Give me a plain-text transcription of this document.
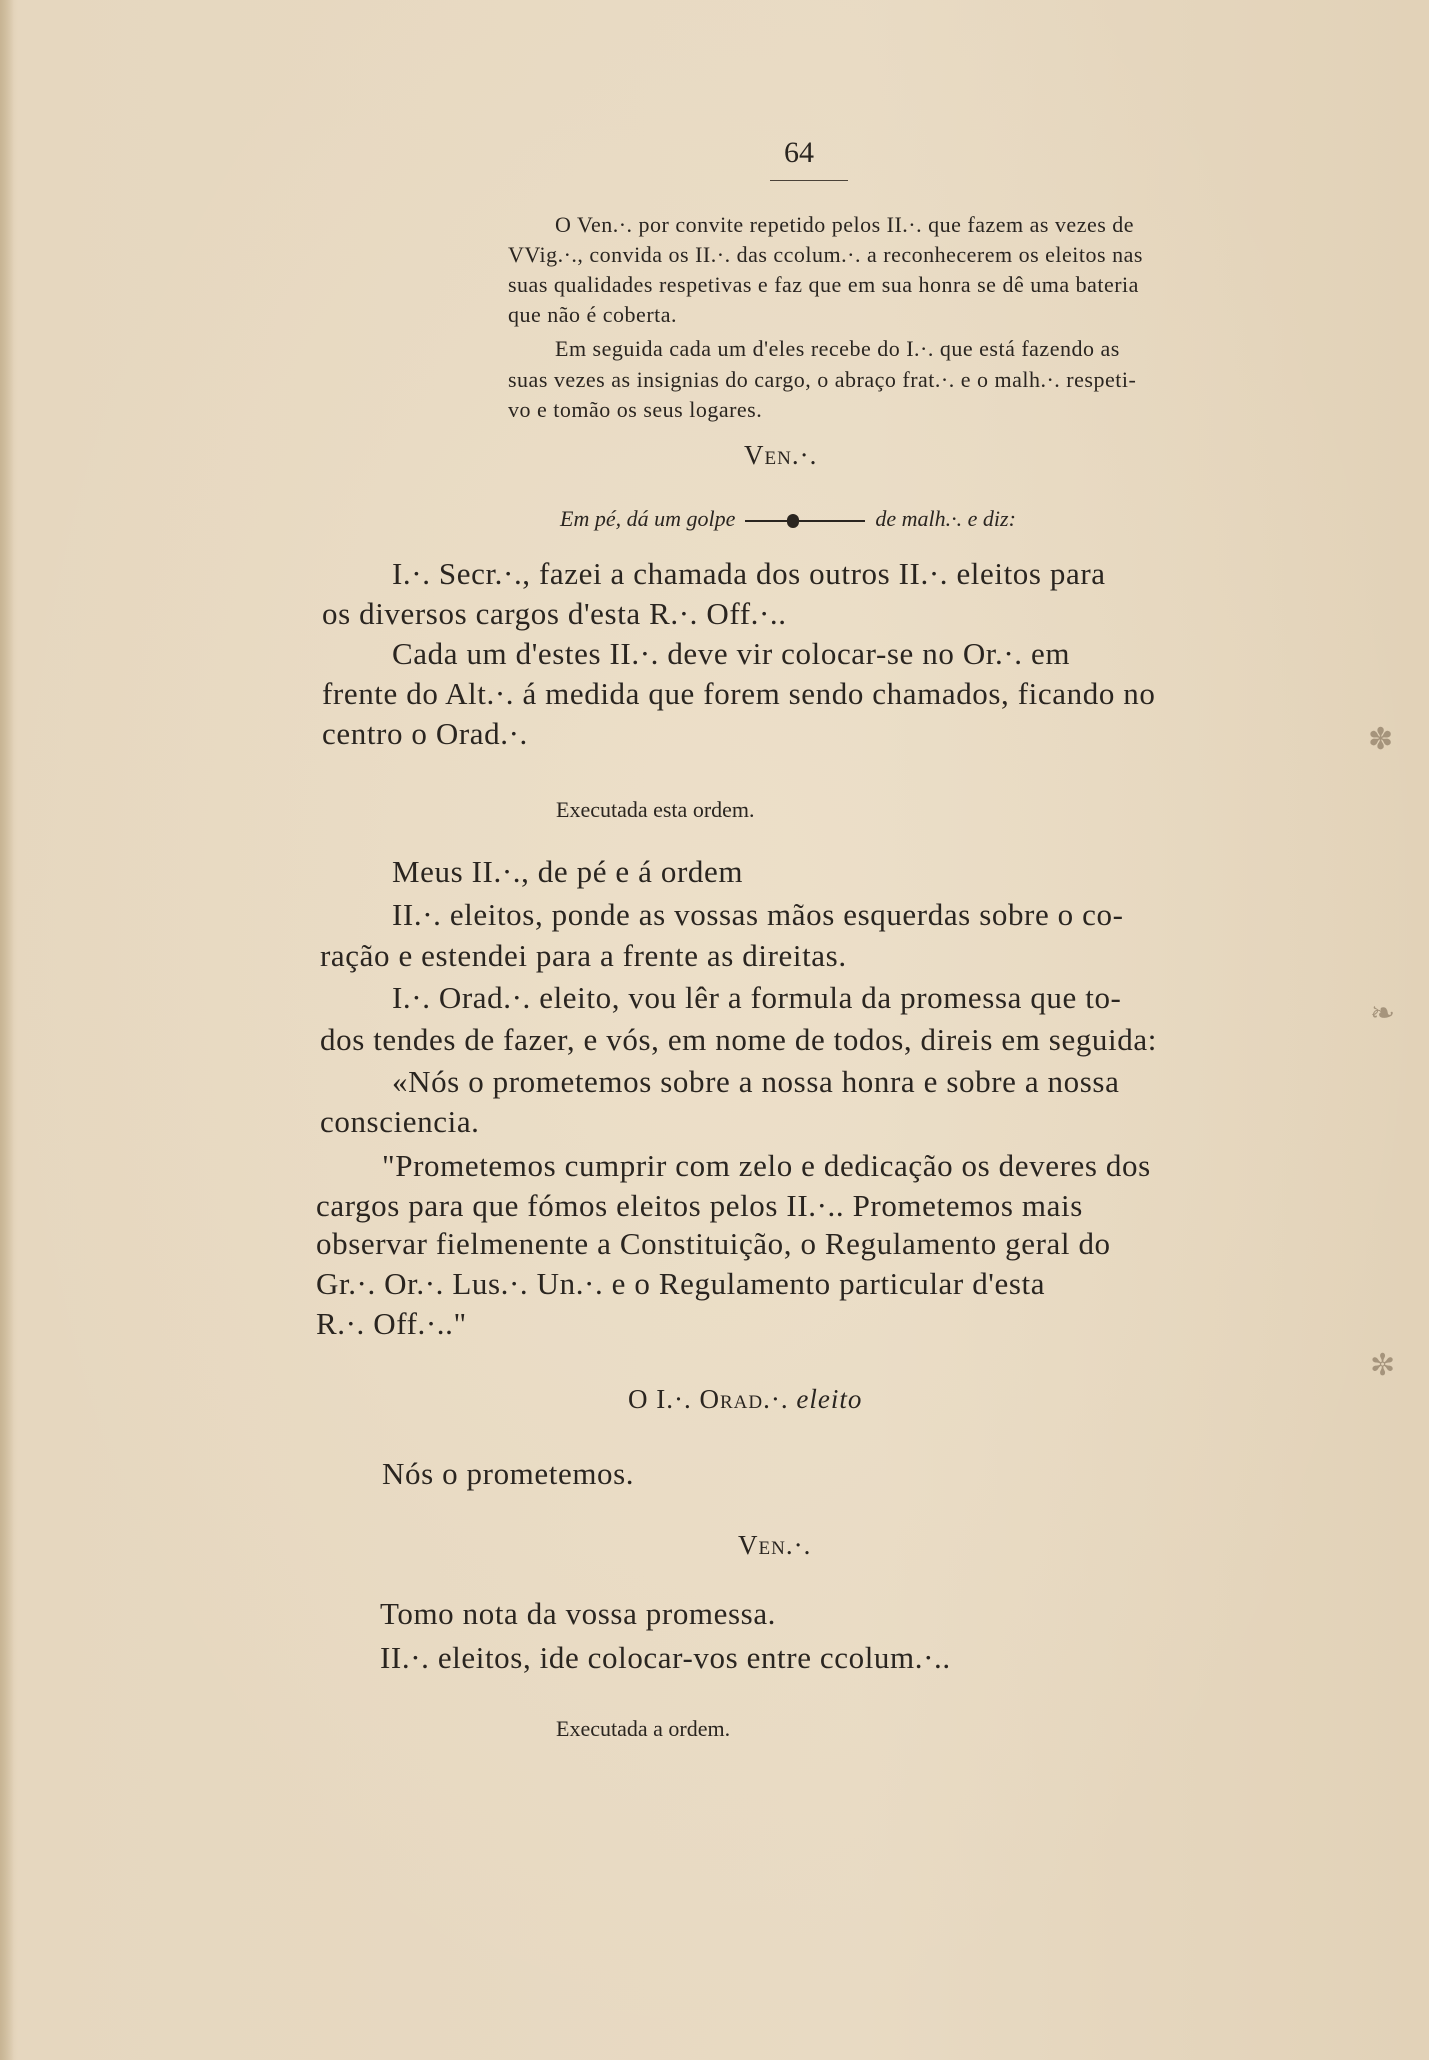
64
O Ven.·. por convite repetido pelos II.·. que fazem as vezes de
VVig.·., convida os II.·. das ccolum.·. a reconhecerem os eleitos nas
suas qualidades respetivas e faz que em sua honra se dê uma bateria
que não é coberta.
Em seguida cada um d'eles recebe do I.·. que está fazendo as
suas vezes as insignias do cargo, o abraço frat.·. e o malh.·. respeti-
vo e tomão os seus logares.
Ven.·.
Em pé, dá um golpe	de malh.·. e diz:
I.·. Secr.·., fazei a chamada dos outros II.·. eleitos para
os diversos cargos d'esta R.·. Off.·..
Cada um d'estes II.·. deve vir colocar-se no Or.·. em
frente do Alt.·. á medida que forem sendo chamados, ficando no
centro o Orad.·.
Executada esta ordem.
Meus II.·., de pé e á ordem
II.·. eleitos, ponde as vossas mãos esquerdas sobre o co-
ração e estendei para a frente as direitas.
I.·. Orad.·. eleito, vou lêr a formula da promessa que to-
dos tendes de fazer, e vós, em nome de todos, direis em seguida:
«Nós o prometemos sobre a nossa honra e sobre a nossa
consciencia.
"Prometemos cumprir com zelo e dedicação os deveres dos
cargos para que fómos eleitos pelos II.·.. Prometemos mais
observar fielmenente a Constituição, o Regulamento geral do
Gr.·. Or.·. Lus.·. Un.·. e o Regulamento particular d'esta
R.·. Off.·.."
O I.·. Orad.·. eleito
Nós o prometemos.
Ven.·.
Tomo nota da vossa promessa.
II.·. eleitos, ide colocar-vos entre ccolum.·..
Executada a ordem.
✽
❧
✼
